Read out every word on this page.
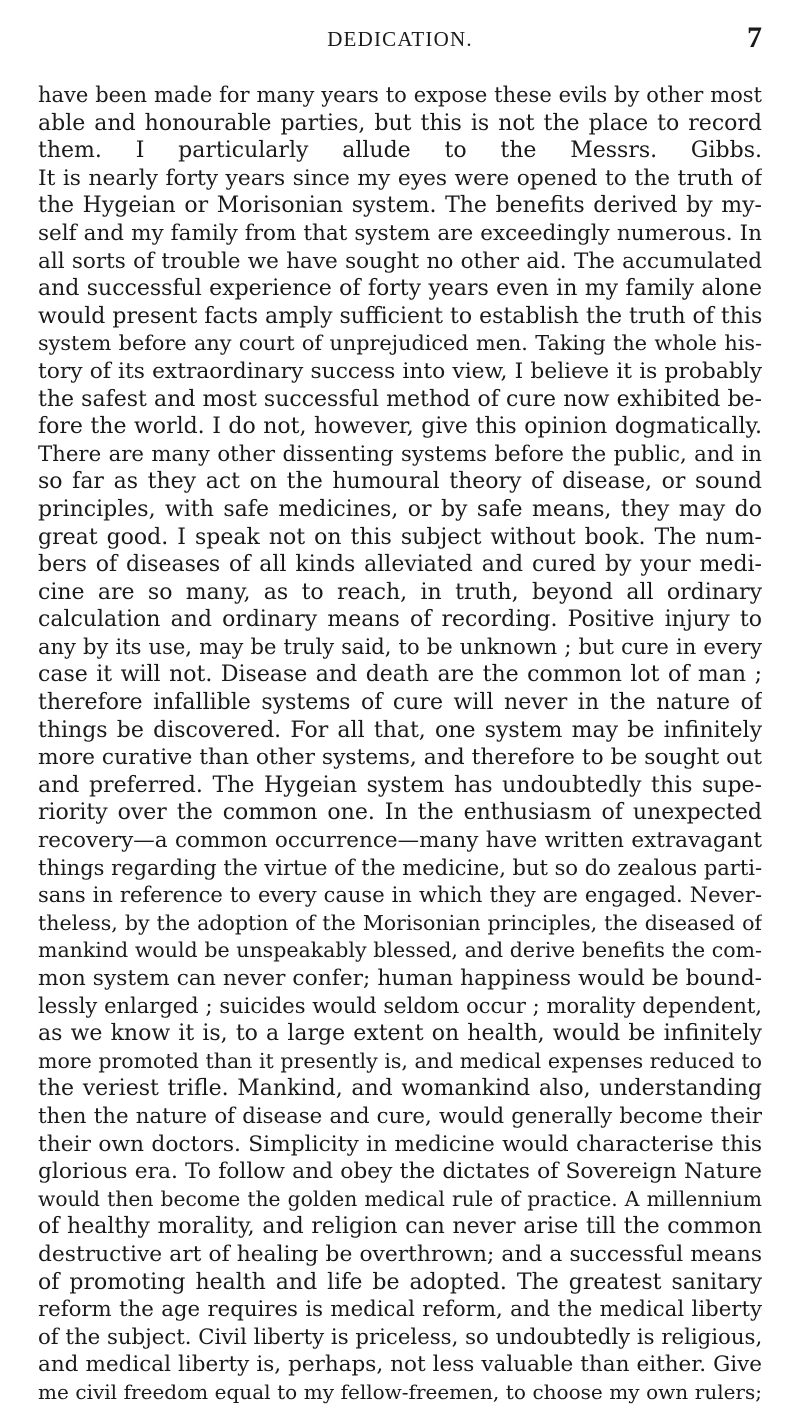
DEDICATION.	7
have been made for many years to expose these evils by other most
able and honourable parties, but this is not the place to record
them. I particularly allude to the Messrs. Gibbs.
It is nearly forty years since my eyes were opened to the truth of
the Hygeian or Morisonian system. The benefits derived by my-
self and my family from that system are exceedingly numerous. In
all sorts of trouble we have sought no other aid. The accumulated
and successful experience of forty years even in my family alone
would present facts amply sufficient to establish the truth of this
system before any court of unprejudiced men. Taking the whole his-
tory of its extraordinary success into view, I believe it is probably
the safest and most successful method of cure now exhibited be-
fore the world. I do not, however, give this opinion dogmatically.
There are many other dissenting systems before the public, and in
so far as they act on the humoural theory of disease, or sound
principles, with safe medicines, or by safe means, they may do
great good. I speak not on this subject without book. The num-
bers of diseases of all kinds alleviated and cured by your medi-
cine are so many, as to reach, in truth, beyond all ordinary
calculation and ordinary means of recording. Positive injury to
any by its use, may be truly said, to be unknown ; but cure in every
case it will not. Disease and death are the common lot of man ;
therefore infallible systems of cure will never in the nature of
things be discovered. For all that, one system may be infinitely
more curative than other systems, and therefore to be sought out
and preferred. The Hygeian system has undoubtedly this supe-
riority over the common one. In the enthusiasm of unexpected
recovery—a common occurrence—many have written extravagant
things regarding the virtue of the medicine, but so do zealous parti-
sans in reference to every cause in which they are engaged. Never-
theless, by the adoption of the Morisonian principles, the diseased of
mankind would be unspeakably blessed, and derive benefits the com-
mon system can never confer; human happiness would be bound-
lessly enlarged ; suicides would seldom occur ; morality dependent,
as we know it is, to a large extent on health, would be infinitely
more promoted than it presently is, and medical expenses reduced to
the veriest trifle. Mankind, and womankind also, understanding
then the nature of disease and cure, would generally become their
their own doctors. Simplicity in medicine would characterise this
glorious era. To follow and obey the dictates of Sovereign Nature
would then become the golden medical rule of practice. A millennium
of healthy morality, and religion can never arise till the common
destructive art of healing be overthrown; and a successful means
of promoting health and life be adopted. The greatest sanitary
reform the age requires is medical reform, and the medical liberty
of the subject. Civil liberty is priceless, so undoubtedly is religious,
and medical liberty is, perhaps, not less valuable than either. Give
me civil freedom equal to my fellow-freemen, to choose my own rulers;
